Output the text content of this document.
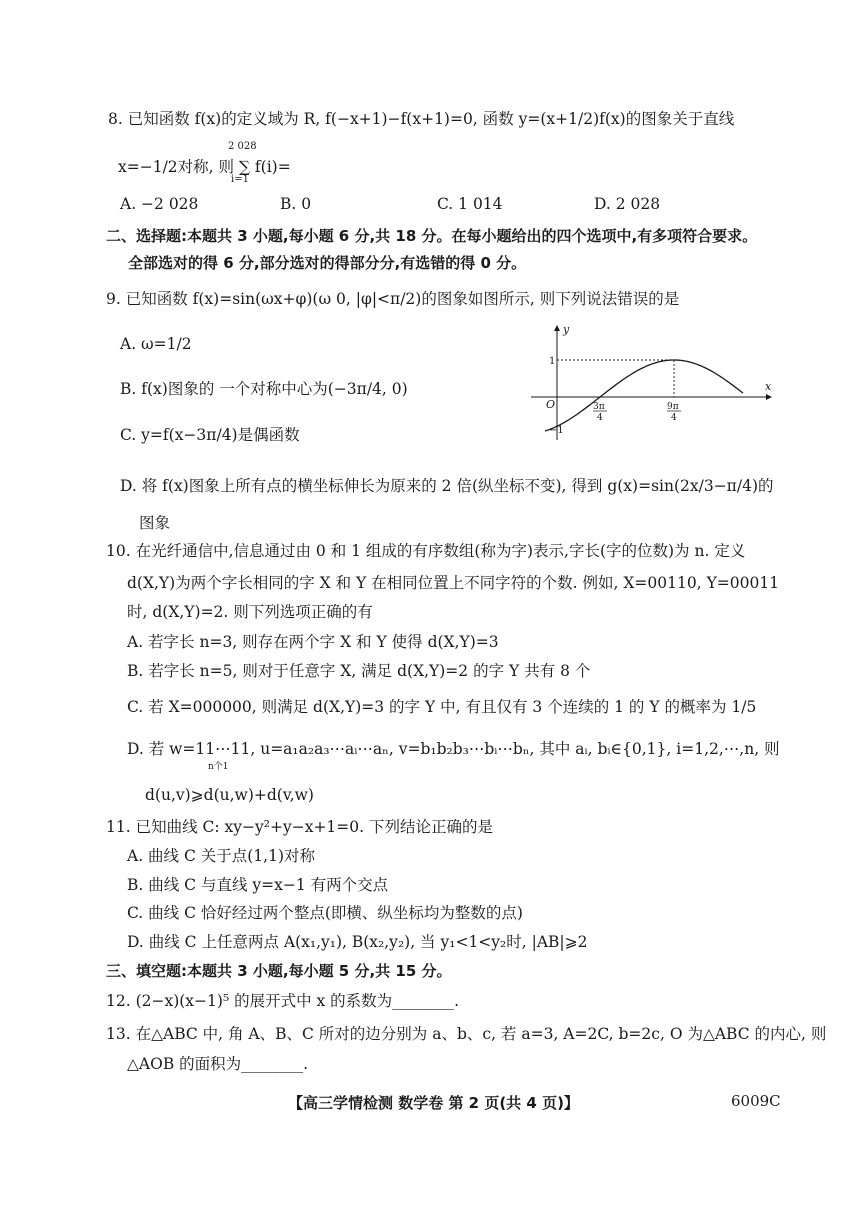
8. 已知函数 f(x)的定义域为 R, f(−x+1)−f(x+1)=0, 函数 y=(x+1/2)f(x)的图象关于直线
x=−1/2对称, 则 ∑ f(i)=
2 028
i=1
A. −2 028	B. 0	C. 1 014	D. 2 028
二、选择题:本题共 3 小题,每小题 6 分,共 18 分。在每小题给出的四个选项中,有多项符合要求。
全部选对的得 6 分,部分选对的得部分分,有选错的得 0 分。
9. 已知函数 f(x)=sin(ωx+φ)(ω 0, |φ|<π/2)的图象如图所示, 则下列说法错误的是
A. ω=1/2
B. f(x)图象的 一个对称中心为(−3π/4, 0)
C. y=f(x−3π/4)是偶函数
D. 将 f(x)图象上所有点的横坐标伸长为原来的 2 倍(纵坐标不变), 得到 g(x)=sin(2x/3−π/4)的
图象
y
x
O
1
−1
3π
4
9π
4
10. 在光纤通信中,信息通过由 0 和 1 组成的有序数组(称为字)表示,字长(字的位数)为 n. 定义
d(X,Y)为两个字长相同的字 X 和 Y 在相同位置上不同字符的个数. 例如, X=00110, Y=00011
时, d(X,Y)=2. 则下列选项正确的有
A. 若字长 n=3, 则存在两个字 X 和 Y 使得 d(X,Y)=3
B. 若字长 n=5, 则对于任意字 X, 满足 d(X,Y)=2 的字 Y 共有 8 个
C. 若 X=000000, 则满足 d(X,Y)=3 的字 Y 中, 有且仅有 3 个连续的 1 的 Y 的概率为 1/5
D. 若 w=11⋯11, u=a₁a₂a₃⋯aᵢ⋯aₙ, v=b₁b₂b₃⋯bᵢ⋯bₙ, 其中 aᵢ, bᵢ∈{0,1}, i=1,2,⋯,n, 则
n个1
d(u,v)⩾d(u,w)+d(v,w)
11. 已知曲线 C: xy−y²+y−x+1=0. 下列结论正确的是
A. 曲线 C 关于点(1,1)对称
B. 曲线 C 与直线 y=x−1 有两个交点
C. 曲线 C 恰好经过两个整点(即横、纵坐标均为整数的点)
D. 曲线 C 上任意两点 A(x₁,y₁), B(x₂,y₂), 当 y₁<1<y₂时, |AB|⩾2
三、填空题:本题共 3 小题,每小题 5 分,共 15 分。
12. (2−x)(x−1)⁵ 的展开式中 x 的系数为________.
13. 在△ABC 中, 角 A、B、C 所对的边分别为 a、b、c, 若 a=3, A=2C, b=2c, O 为△ABC 的内心, 则
△AOB 的面积为________.
【高三学情检测 数学卷 第 2 页(共 4 页)】	6009C
